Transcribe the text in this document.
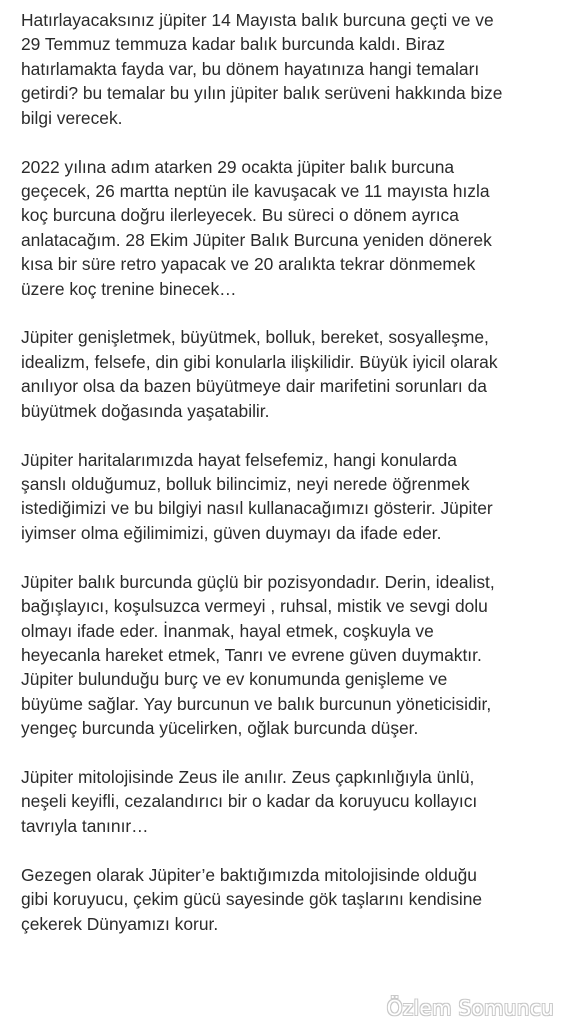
Hatırlayacaksınız jüpiter 14 Mayısta balık burcuna geçti ve ve
29 Temmuz temmuza kadar balık burcunda kaldı. Biraz
hatırlamakta fayda var, bu dönem hayatınıza hangi temaları
getirdi? bu temalar bu yılın jüpiter balık serüveni hakkında bize
bilgi verecek.

2022 yılına adım atarken 29 ocakta jüpiter balık burcuna
geçecek, 26 martta neptün ile kavuşacak ve 11 mayısta hızla
koç burcuna doğru ilerleyecek. Bu süreci o dönem ayrıca
anlatacağım. 28 Ekim Jüpiter Balık Burcuna yeniden dönerek
kısa bir süre retro yapacak ve 20 aralıkta tekrar dönmemek
üzere koç trenine binecek…

Jüpiter genişletmek, büyütmek, bolluk, bereket, sosyalleşme,
idealizm, felsefe, din gibi konularla ilişkilidir. Büyük iyicil olarak
anılıyor olsa da bazen büyütmeye dair marifetini sorunları da
büyütmek doğasında yaşatabilir.

Jüpiter haritalarımızda hayat felsefemiz, hangi konularda
şanslı olduğumuz, bolluk bilincimiz, neyi nerede öğrenmek
istediğimizi ve bu bilgiyi nasıl kullanacağımızı gösterir. Jüpiter
iyimser olma eğilimimizi, güven duymayı da ifade eder.

Jüpiter balık burcunda güçlü bir pozisyondadır. Derin, idealist,
bağışlayıcı, koşulsuzca vermeyi , ruhsal, mistik ve sevgi dolu
olmayı ifade eder. İnanmak, hayal etmek, coşkuyla ve
heyecanla hareket etmek, Tanrı ve evrene güven duymaktır.
Jüpiter bulunduğu burç ve ev konumunda genişleme ve
büyüme sağlar. Yay burcunun ve balık burcunun yöneticisidir,
yengeç burcunda yücelirken, oğlak burcunda düşer.

Jüpiter mitolojisinde Zeus ile anılır. Zeus çapkınlığıyla ünlü,
neşeli keyifli, cezalandırıcı bir o kadar da koruyucu kollayıcı
tavrıyla tanınır…

Gezegen olarak Jüpiter’e baktığımızda mitolojisinde olduğu
gibi koruyucu, çekim gücü sayesinde gök taşlarını kendisine
çekerek Dünyamızı korur.

Özlem Somuncu
